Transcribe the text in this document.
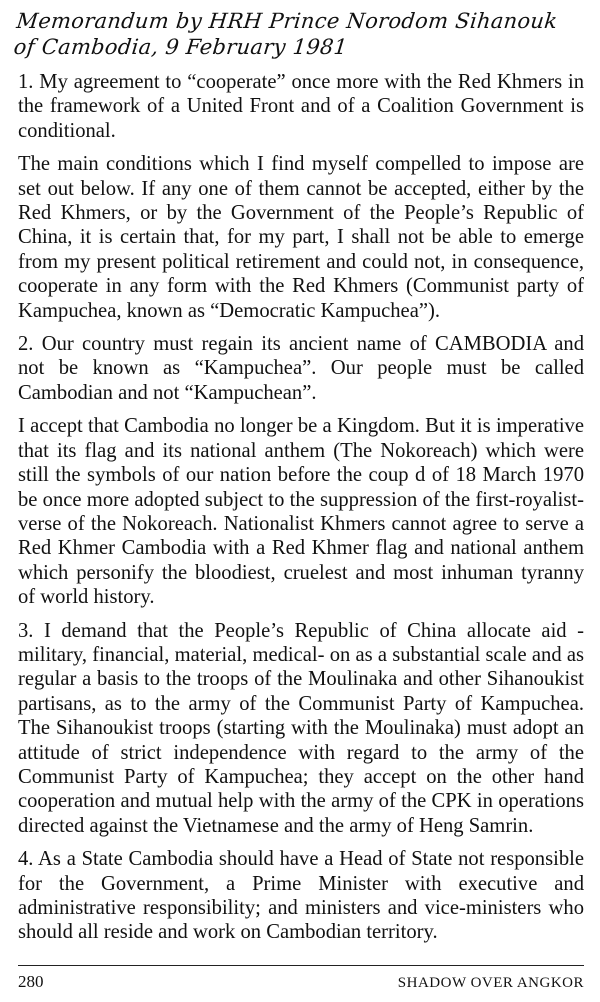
Memorandum by HRH Prince Norodom Sihanouk of Cambodia, 9 February 1981

1. My agreement to “cooperate” once more with the Red Khmers in the framework of a United Front and of a Coalition Government is conditional.

The main conditions which I find myself compelled to impose are set out below. If any one of them cannot be accepted, either by the Red Khmers, or by the Government of the People’s Republic of China, it is certain that, for my part, I shall not be able to emerge from my present political retirement and could not, in consequence, cooperate in any form with the Red Khmers (Communist party of Kampuchea, known as “Democratic Kampuchea”).

2. Our country must regain its ancient name of CAMBODIA and not be known as “Kampuchea”. Our people must be called Cambodian and not “Kampuchean”.

I accept that Cambodia no longer be a Kingdom. But it is imperative that its flag and its national anthem (The Nokoreach) which were still the symbols of our nation before the coup d of 18 March 1970 be once more adopted subject to the suppression of the first-royalist-verse of the Nokoreach. Nationalist Khmers cannot agree to serve a Red Khmer Cambodia with a Red Khmer flag and national anthem which personify the bloodiest, cruelest and most inhuman tyranny of world history.

3. I demand that the People’s Republic of China allocate aid -military, financial, material, medical- on as a substantial scale and as regular a basis to the troops of the Moulinaka and other Sihanoukist partisans, as to the army of the Communist Party of Kampuchea. The Sihanoukist troops (starting with the Moulinaka) must adopt an attitude of strict independence with regard to the army of the Communist Party of Kampuchea; they accept on the other hand cooperation and mutual help with the army of the CPK in operations directed against the Vietnamese and the army of Heng Samrin.

4. As a State Cambodia should have a Head of State not responsible for the Government, a Prime Minister with executive and administrative responsibility; and ministers and vice-ministers who should all reside and work on Cambodian territory.

280	SHADOW OVER ANGKOR
